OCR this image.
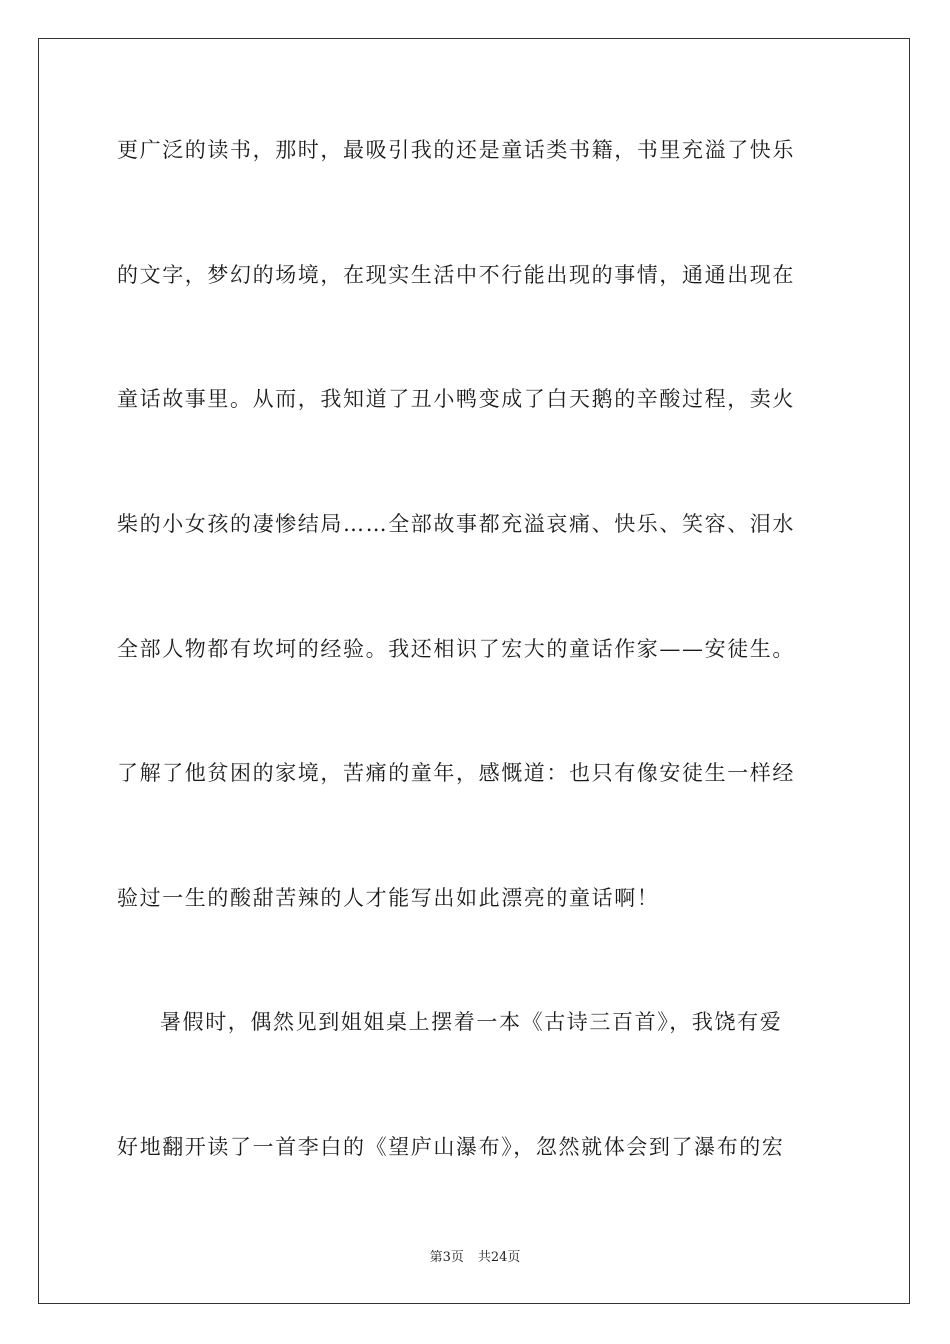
更广泛的读书，那时，最吸引我的还是童话类书籍，书里充溢了快乐
的文字，梦幻的场境，在现实生活中不行能出现的事情，通通出现在
童话故事里。从而，我知道了丑小鸭变成了白天鹅的辛酸过程，卖火
柴的小女孩的凄惨结局……全部故事都充溢哀痛、快乐、笑容、泪水
全部人物都有坎坷的经验。我还相识了宏大的童话作家——安徒生。
了解了他贫困的家境，苦痛的童年，感慨道：也只有像安徒生一样经
验过一生的酸甜苦辣的人才能写出如此漂亮的童话啊！
暑假时，偶然见到姐姐桌上摆着一本《古诗三百首》，我饶有爱
好地翻开读了一首李白的《望庐山瀑布》，忽然就体会到了瀑布的宏
第3页 共24页
